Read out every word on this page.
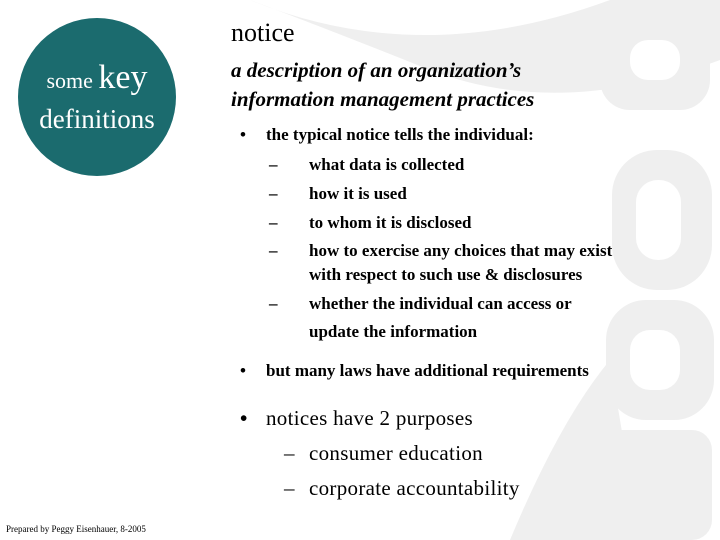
some key
definitions
notice
a description of an organization’s
information management practices
• the typical notice tells the individual:
– what data is collected
– how it is used
– to whom it is disclosed
– how to exercise any choices that may exist
with respect to such use & disclosures
– whether the individual can access or
update the information
• but many laws have additional requirements
• notices have 2 purposes
– consumer education
– corporate accountability
Prepared by Peggy Eisenhauer, 8-2005
